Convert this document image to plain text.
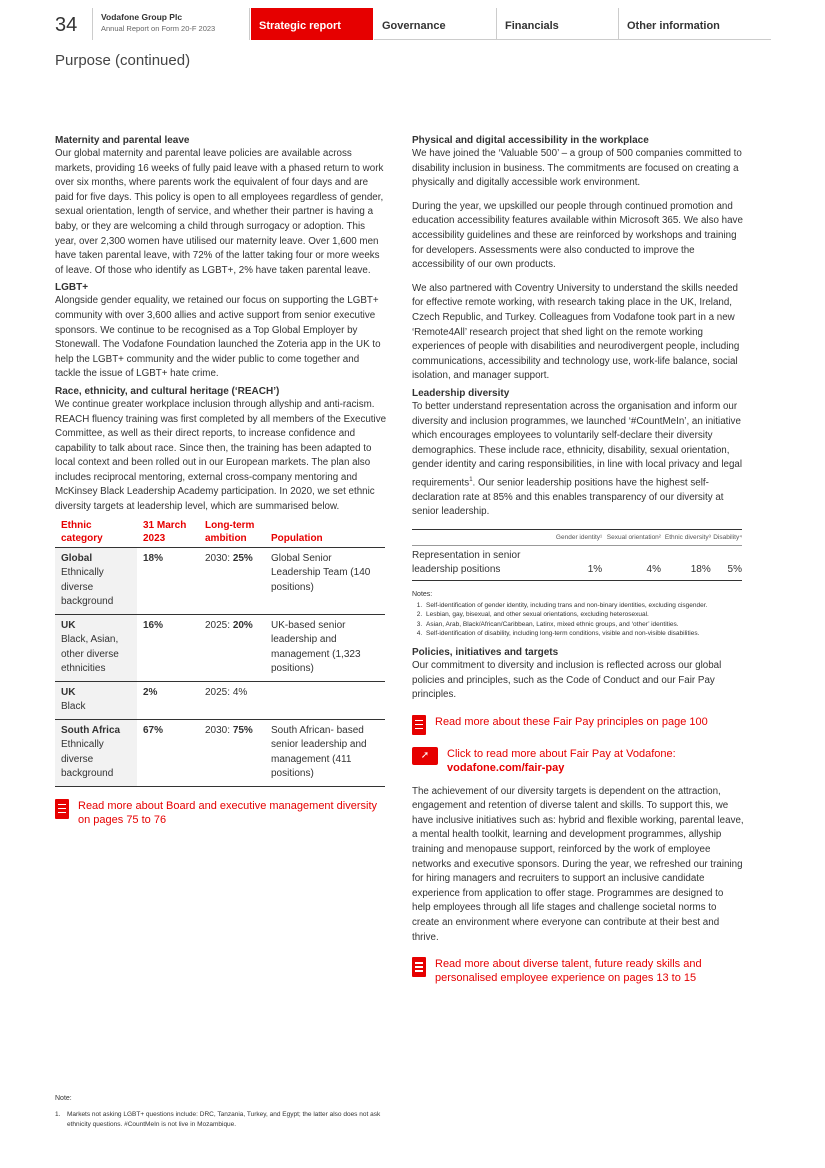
34	Vodafone Group Plc
Annual Report on Form 20-F 2023	Strategic report	Governance	Financials	Other information
Purpose (continued)
Maternity and parental leave

Our global maternity and parental leave policies are available across markets, providing 16 weeks of fully paid leave with a phased return to work over six months, where parents work the equivalent of four days and are paid for five days. This policy is open to all employees regardless of gender, sexual orientation, length of service, and whether their partner is having a baby, or they are welcoming a child through surrogacy or adoption. This year, over 2,300 women have utilised our maternity leave. Over 1,600 men have taken parental leave, with 72% of the latter taking four or more weeks of leave. Of those who identify as LGBT+, 2% have taken parental leave.

LGBT+

Alongside gender equality, we retained our focus on supporting the LGBT+ community with over 3,600 allies and active support from senior executive sponsors. We continue to be recognised as a Top Global Employer by Stonewall. The Vodafone Foundation launched the Zoteria app in the UK to help the LGBT+ community and the wider public to come together and tackle the issue of LGBT+ hate crime.

Race, ethnicity, and cultural heritage (‘REACH’)

We continue greater workplace inclusion through allyship and anti-racism. REACH fluency training was first completed by all members of the Executive Committee, as well as their direct reports, to increase confidence and capability to talk about race. Since then, the training has been adapted to local context and been rolled out in our European markets. The plan also includes reciprocal mentoring, external cross-company mentoring and McKinsey Black Leadership Academy participation. In 2020, we set ethnic diversity targets at leadership level, which are summarised below.

Ethnic category	31 March 2023	Long-term ambition	Population

Global
Ethnically diverse background	18%	2030: 25%	Global Senior Leadership Team (140 positions)

UK
Black, Asian, other diverse ethnicities	16%	2025: 20%	UK-based senior leadership and management (1,323 positions)

UK
Black	2%	2025: 4%	

South Africa
Ethnically diverse background	67%	2030: 75%	South African- based senior leadership and management (411 positions)
Read more about Board and executive management diversity on pages 75 to 76
Physical and digital accessibility in the workplace

We have joined the ‘Valuable 500’ – a group of 500 companies committed to disability inclusion in business. The commitments are focused on creating a physically and digitally accessible work environment.

During the year, we upskilled our people through continued promotion and education accessibility features available within Microsoft 365. We also have accessibility guidelines and these are reinforced by workshops and training for developers. Assessments were also conducted to improve the accessibility of our own products.

We also partnered with Coventry University to understand the skills needed for effective remote working, with research taking place in the UK, Ireland, Czech Republic, and Turkey. Colleagues from Vodafone took part in a new ‘Remote4All’ research project that shed light on the remote working experiences of people with disabilities and neurodivergent people, including communications, accessibility and technology use, work-life balance, social isolation, and manager support.

Leadership diversity

To better understand representation across the organisation and inform our diversity and inclusion programmes, we launched ‘#CountMeIn’, an initiative which encourages employees to voluntarily self-declare their diversity demographics. These include race, ethnicity, disability, sexual orientation, gender identity and caring responsibilities, in line with local privacy and legal requirements$^1$. Our senior leadership positions have the highest self-declaration rate at 85% and this enables transparency of our diversity at senior leadership.

	Gender identity¹	Sexual orientation²	Ethnic diversity³	Disability⁴
Representation in senior leadership positions	1%	4%	18%	5%
Notes:
1. Self-identification of gender identity, including trans and non-binary identities, excluding cisgender.
2. Lesbian, gay, bisexual, and other sexual orientations, excluding heterosexual.
3. Asian, Arab, Black/African/Caribbean, Latinx, mixed ethnic groups, and ‘other’ identities.
4. Self-identification of disability, including long-term conditions, visible and non-visible disabilities.
Policies, initiatives and targets

Our commitment to diversity and inclusion is reflected across our global policies and principles, such as the Code of Conduct and our Fair Pay principles.

Read more about these Fair Pay principles on page 100
➚	Click to read more about Fair Pay at Vodafone:
vodafone.com/fair-pay

The achievement of our diversity targets is dependent on the attraction, engagement and retention of diverse talent and skills. To support this, we have inclusive initiatives such as: hybrid and flexible working, parental leave, a mental health toolkit, learning and development programmes, allyship training and menopause support, reinforced by the work of employee networks and executive sponsors. During the year, we refreshed our training for hiring managers and recruiters to support an inclusive candidate experience from application to offer stage. Programmes are designed to help employees through all life stages and challenge societal norms to create an environment where everyone can contribute at their best and thrive.

Read more about diverse talent, future ready skills and personalised employee experience on pages 13 to 15
Note:
1.	Markets not asking LGBT+ questions include: DRC, Tanzania, Turkey, and Egypt; the latter also does not ask ethnicity questions. #CountMeIn is not live in Mozambique.
